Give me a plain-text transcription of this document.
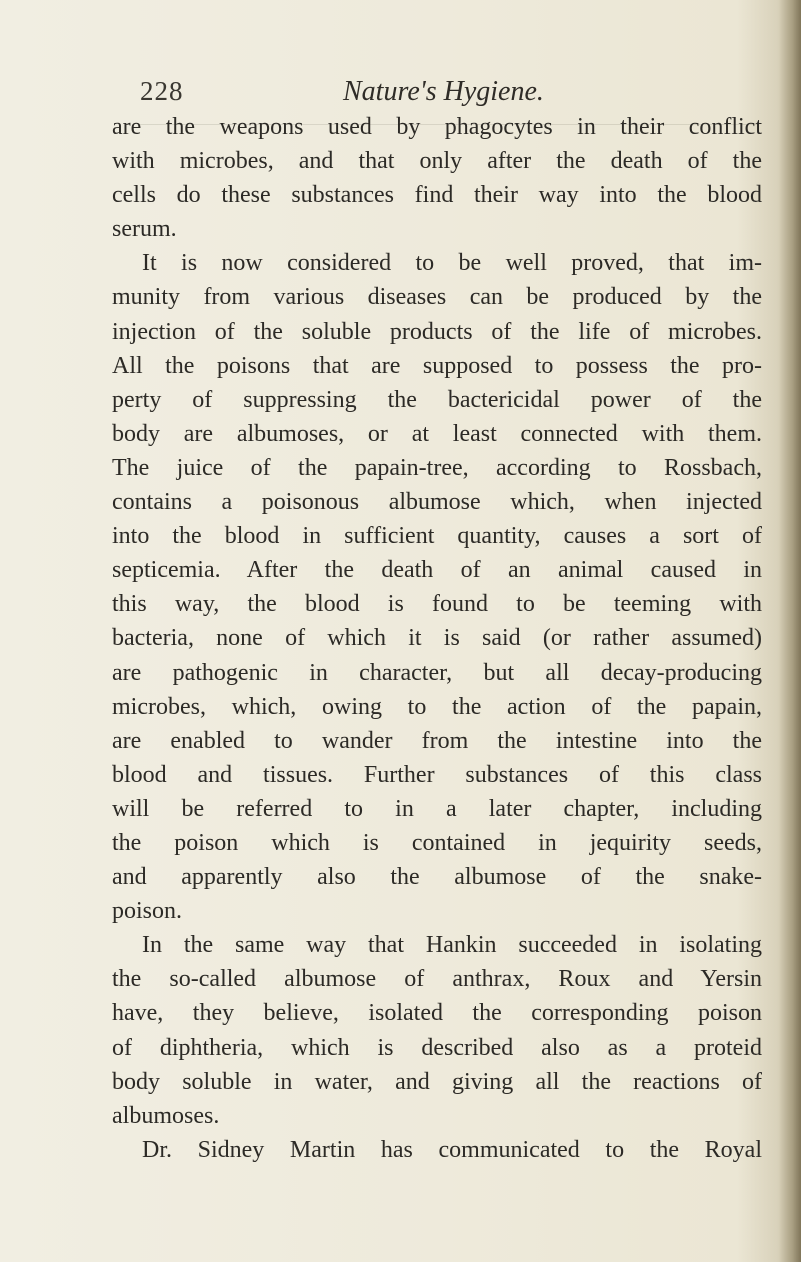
228	Nature's Hygiene.
are the weapons used by phagocytes in their conflict
with microbes, and that only after the death of the
cells do these substances find their way into the blood
serum.
It is now considered to be well proved, that im-
munity from various diseases can be produced by the
injection of the soluble products of the life of microbes.
All the poisons that are supposed to possess the pro-
perty of suppressing the bactericidal power of the
body are albumoses, or at least connected with them.
The juice of the papain-tree, according to Rossbach,
contains a poisonous albumose which, when injected
into the blood in sufficient quantity, causes a sort of
septicemia. After the death of an animal caused in
this way, the blood is found to be teeming with
bacteria, none of which it is said (or rather assumed)
are pathogenic in character, but all decay-producing
microbes, which, owing to the action of the papain,
are enabled to wander from the intestine into the
blood and tissues. Further substances of this class
will be referred to in a later chapter, including
the poison which is contained in jequirity seeds,
and apparently also the albumose of the snake-
poison.
In the same way that Hankin succeeded in isolating
the so-called albumose of anthrax, Roux and Yersin
have, they believe, isolated the corresponding poison
of diphtheria, which is described also as a proteid
body soluble in water, and giving all the reactions of
albumoses.
Dr. Sidney Martin has communicated to the Royal
